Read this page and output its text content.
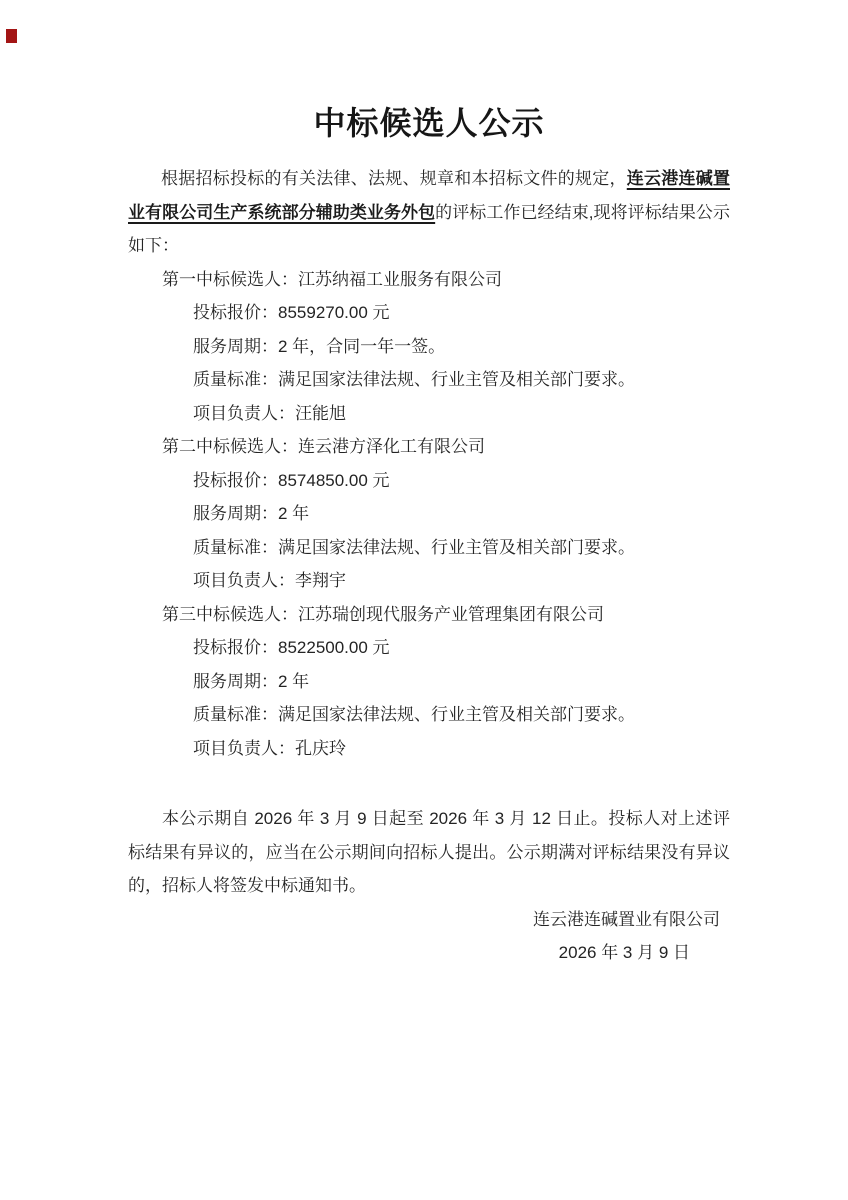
中标候选人公示

根据招标投标的有关法律、法规、规章和本招标文件的规定，连云港连碱置业有限公司生产系统部分辅助类业务外包的评标工作已经结束,现将评标结果公示如下：

第一中标候选人：江苏纳福工业服务有限公司

投标报价：8559270.00 元

服务周期：2 年，合同一年一签。

质量标准：满足国家法律法规、行业主管及相关部门要求。

项目负责人：汪能旭

第二中标候选人：连云港方泽化工有限公司

投标报价：8574850.00 元

服务周期：2 年

质量标准：满足国家法律法规、行业主管及相关部门要求。

项目负责人：李翔宇

第三中标候选人：江苏瑞创现代服务产业管理集团有限公司

投标报价：8522500.00 元

服务周期：2 年

质量标准：满足国家法律法规、行业主管及相关部门要求。

项目负责人：孔庆玲

本公示期自 2026 年 3 月 9 日起至 2026 年 3 月 12 日止。投标人对上述评标结果有异议的，应当在公示期间向招标人提出。公示期满对评标结果没有异议的，招标人将签发中标通知书。

连云港连碱置业有限公司

2026 年 3 月 9 日
